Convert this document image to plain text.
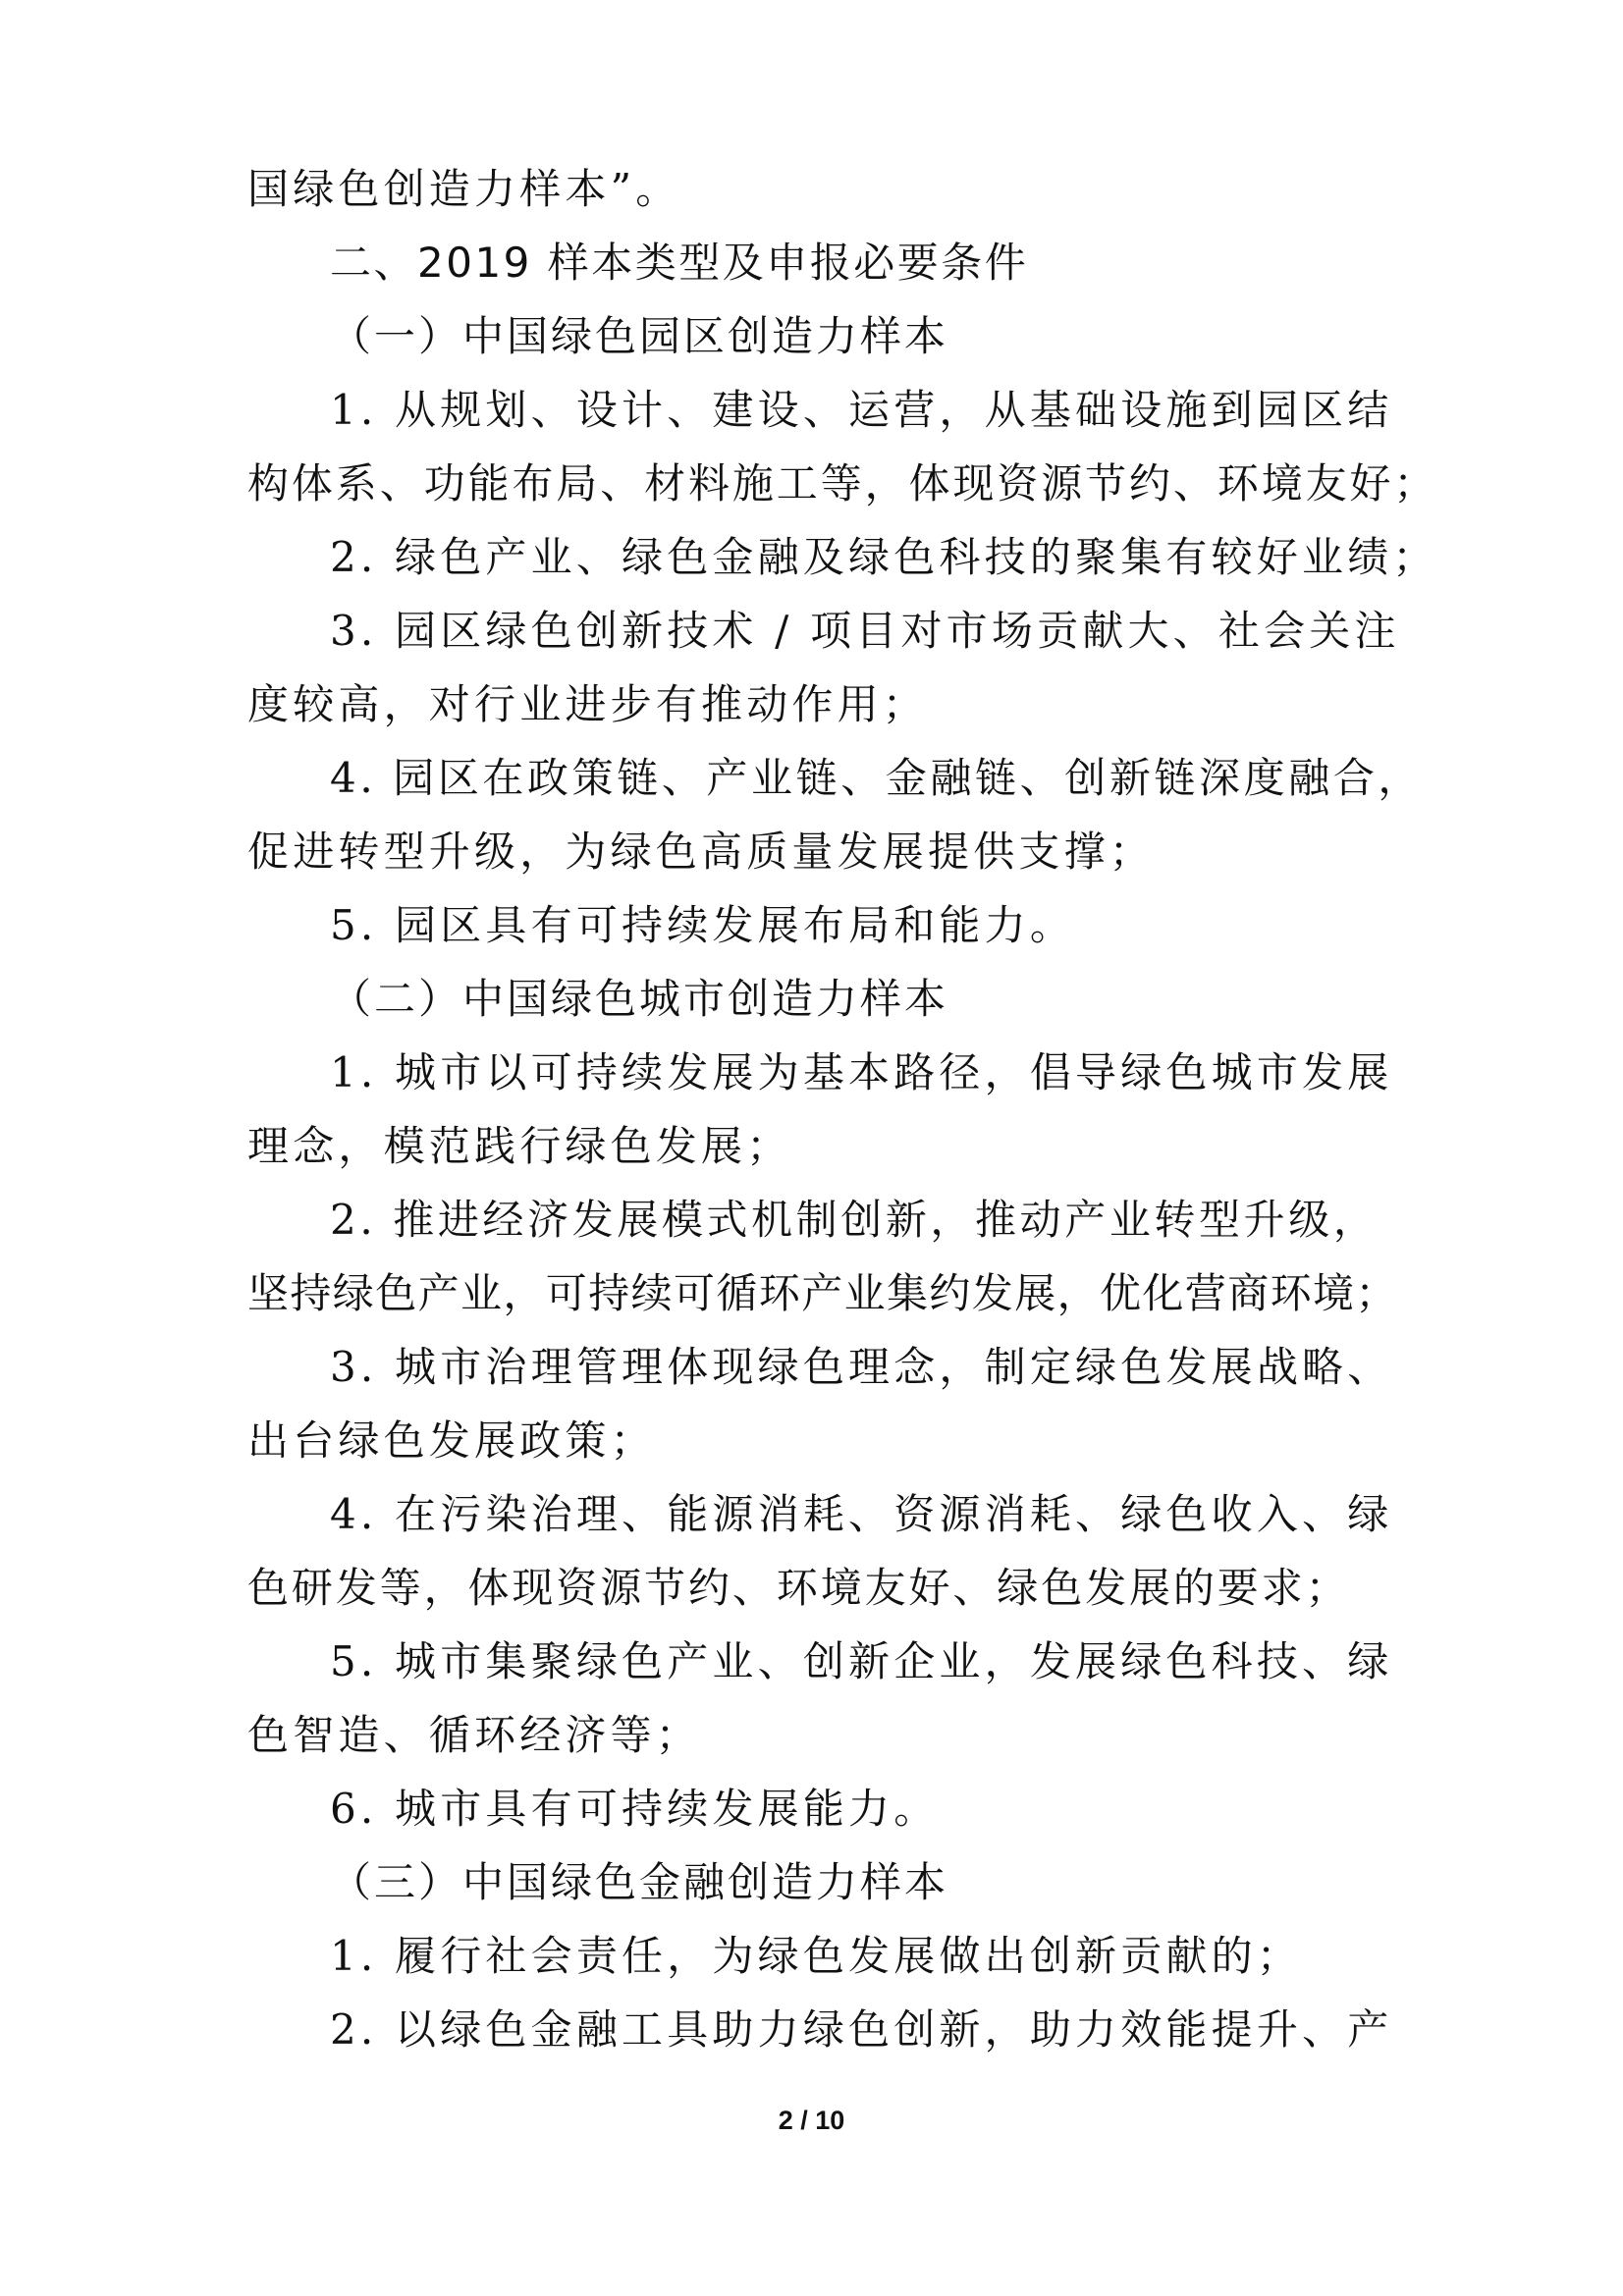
国绿色创造力样本”。
二、2019 样本类型及申报必要条件
（一）中国绿色园区创造力样本
1. 从规划、设计、建设、运营，从基础设施到园区结
构体系、功能布局、材料施工等，体现资源节约、环境友好；
2. 绿色产业、绿色金融及绿色科技的聚集有较好业绩；
3. 园区绿色创新技术 / 项目对市场贡献大、社会关注
度较高，对行业进步有推动作用；
4. 园区在政策链、产业链、金融链、创新链深度融合，
促进转型升级，为绿色高质量发展提供支撑；
5. 园区具有可持续发展布局和能力。
（二）中国绿色城市创造力样本
1. 城市以可持续发展为基本路径，倡导绿色城市发展
理念，模范践行绿色发展；
2. 推进经济发展模式机制创新，推动产业转型升级，
坚持绿色产业，可持续可循环产业集约发展，优化营商环境；
3. 城市治理管理体现绿色理念，制定绿色发展战略、
出台绿色发展政策；
4. 在污染治理、能源消耗、资源消耗、绿色收入、绿
色研发等，体现资源节约、环境友好、绿色发展的要求；
5. 城市集聚绿色产业、创新企业，发展绿色科技、绿
色智造、循环经济等；
6. 城市具有可持续发展能力。
（三）中国绿色金融创造力样本
1. 履行社会责任，为绿色发展做出创新贡献的；
2. 以绿色金融工具助力绿色创新，助力效能提升、产
2 / 10
